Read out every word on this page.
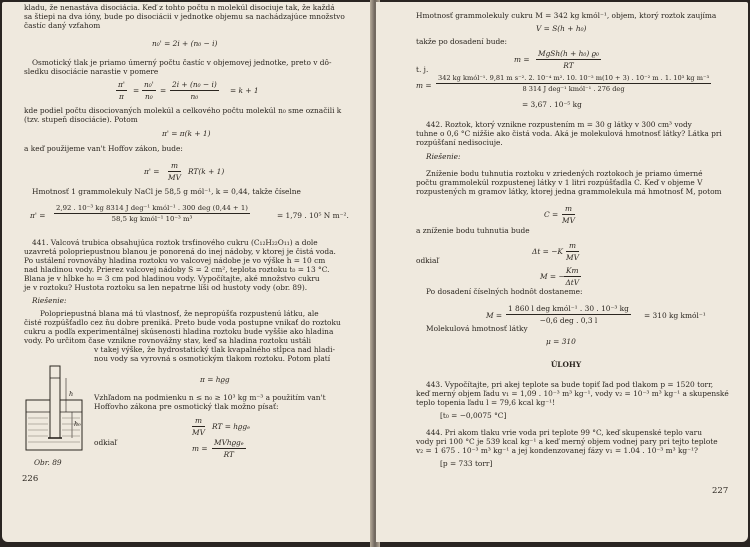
kladu, že nenastáva disociácia. Keď z tohto počtu n molekúl disociuje tak, že každá
sa štiepi na dva ióny, bude po disociácii v jednotke objemu sa nachádzajúce množstvo
častíc daný vzťahom
n₀' = 2i + (n₀ − i)
Osmotický tlak je priamo úmerný počtu častíc v objemovej jednotke, preto v dô-
sledku disociácie narastie v pomere
$\frac{\pi'}{\pi} = \frac{\text{n₀'}}{\text{n₀}} = \frac{\text{2i + (n₀ − i)}}{\text{n₀}} = k + 1$
kde podiel počtu disociovaných molekúl a celkového počtu molekúl n₀ sme označili k
(tzv. stupeň disociácie). Potom
π' = π(k + 1)
a keď použijeme van't Hoffov zákon, bude:
$\pi' = \frac{m}{MV} RT(k + 1)$
Hmotnosť 1 grammolekuly NaCl je 58,5 g mól⁻¹, k = 0,44, takže číselne
π' =
2,92 . 10⁻³ kg 8314 J deg⁻¹ kmól⁻¹ . 300 deg (0,44 + 1)
58,5 kg kmól⁻¹ 10⁻³ m³	= 1,79 . 10⁵ N m⁻².
441. Valcová trubica obsahujúca roztok trsťinového cukru (C₁₂H₂₂O₁₁) a dole
uzavretá polopriepustnou blanou je ponorená do inej nádoby, v ktorej je čistá voda.
Po ustálení rovnováhy hladina roztoku vo valcovej nádobe je vo výške h = 10 cm
nad hladinou vody. Prierez valcovej nádoby S = 2 cm², teplota roztoku t₀ = 13 °C.
Blana je v hĺbke h₀ = 3 cm pod hladinou vody. Vypočítajte, aké množstvo cukru
je v roztoku? Hustota roztoku sa len nepatrne líši od hustoty vody (obr. 89).
Riešenie:
Polopriepustná blana má tú vlastnosť, že nepropúšťa rozpustenú látku, ale
čisté rozpúšťadlo cez ňu dobre preniká. Preto bude voda postupne vnikať do roztoku
cukru a podľa experimentálnej skúsenosti hladina roztoku bude vyššie ako hladina
vody. Po určitom čase vznikne rovnovážny stav, keď sa hladina roztoku ustáli
v takej výške, že hydrostatický tlak kvapalného stĺpca nad hladi-
nou vody sa vyrovná s osmotickým tlakom roztoku. Potom platí
π = hϱg
Vzhľadom na podmienku n ≤ n₀ ≥ 10³ kg m⁻³ a použitím van't
Hoffovho zákona pre osmotický tlak možno písať:
$\frac{m}{MV}$ RT = hϱgₑ
odkiaľ
m =
MVhϱgₑ
RT
h
h₀
Obr. 89
226
Hmotnosť grammolekuly cukru M = 342 kg kmól⁻¹, objem, ktorý roztok zaujíma
V = S(h + h₀)
takže po dosadení bude:
m =
MgSh(h + h₀) ϱ₀
RT
t. j.
m =
342 kg kmól⁻¹. 9,81 m s⁻². 2. 10⁻⁴ m². 10. 10⁻² m(10 + 3) . 10⁻² m . 1. 10³ kg m⁻³
8 314 J deg⁻¹ kmól⁻¹ . 276 deg
= 3,67 . 10⁻⁵ kg
442. Roztok, ktorý vznikne rozpustením m = 30 g látky v 300 cm³ vody
tuhne o 0,6 °C nižšie ako čistá voda. Aká je molekulová hmotnosť látky? Látka pri
rozpúšťaní nedisociuje.
Riešenie:
Zníženie bodu tuhnutia roztoku v zriedených roztokoch je priamo úmerné
počtu grammolekúl rozpustenej látky v 1 litri rozpúšťadla C. Keď v objeme V
rozpustených m gramov látky, ktorej jedna grammolekula má hmotnosť M, potom
$C = \frac{m}{MV}$
a zníženie bodu tuhnutia bude
$\Delta t = -K \frac{m}{MV}$
odkiaľ
M = −
Km
ΔtV
Po dosadení číselných hodnôt dostaneme:
M =
1 860 l deg kmól⁻¹ . 30 . 10⁻³ kg
−0,6 deg . 0,3 l
= 310 kg kmól⁻¹
Molekulová hmotnosť látky
μ = 310
ÚLOHY
443. Vypočítajte, pri akej teplote sa bude topiť ľad pod tlakom p = 1520 torr,
keď merný objem ľadu v₁ = 1,09 . 10⁻³ m³ kg⁻¹, vody v₂ = 10⁻³ m³ kg⁻¹ a skupenské
teplo topenia ľadu l = 79,6 kcal kg⁻¹!
[t₀ = −0,0075 °C]
444. Pri akom tlaku vrie voda pri teplote 99 °C, keď skupenské teplo varu
vody pri 100 °C je 539 kcal kg⁻¹ a keď merný objem vodnej pary pri tejto teplote
v₂ = 1 675 . 10⁻³ m³ kg⁻¹ a jej kondenzovanej fázy v₁ = 1.04 . 10⁻³ m³ kg⁻¹?
[p = 733 torr]
227
